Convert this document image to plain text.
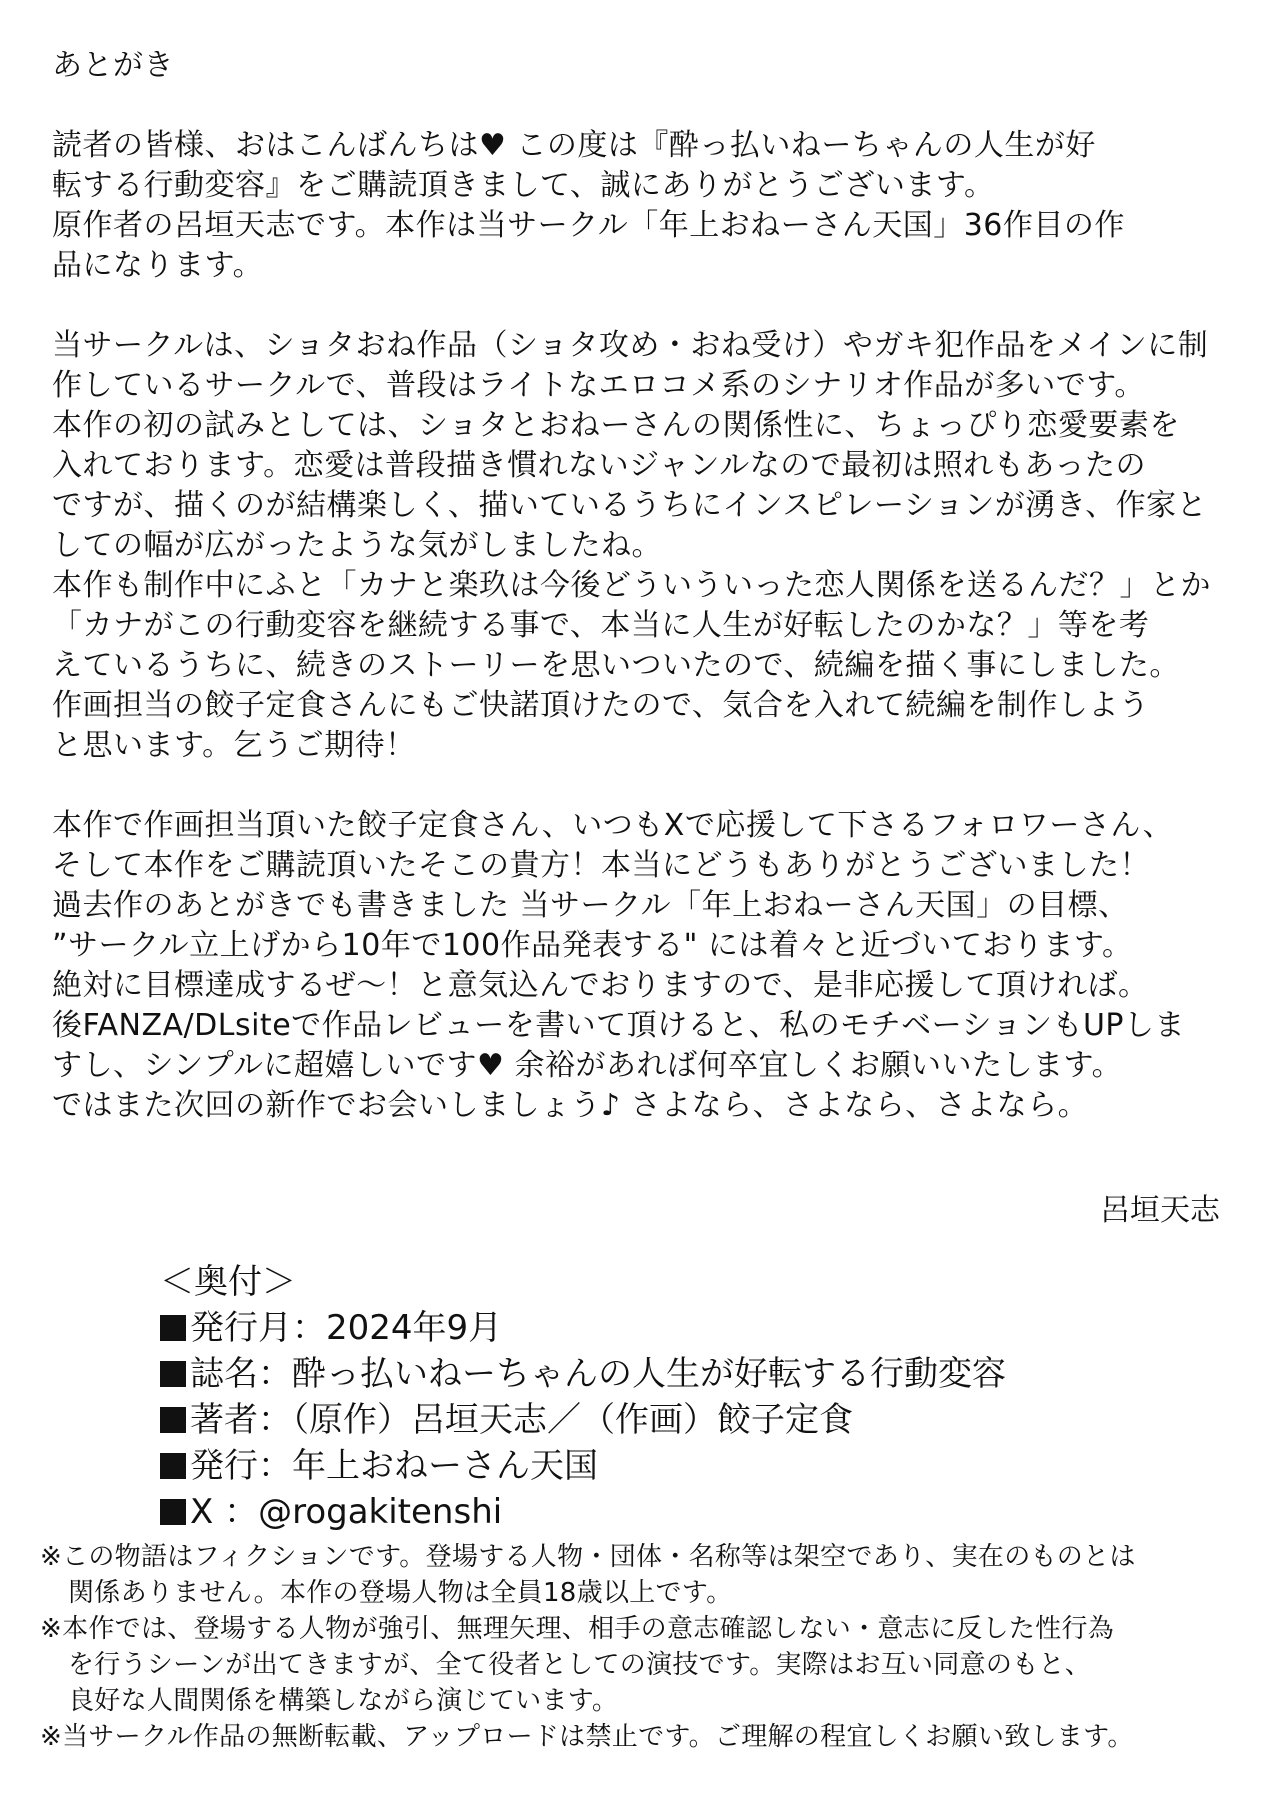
あとがき
読者の皆様、おはこんばんちは♥ この度は『酔っ払いねーちゃんの人生が好
転する行動変容』をご購読頂きまして、誠にありがとうございます。
原作者の呂垣天志です。本作は当サークル「年上おねーさん天国」36作目の作
品になります。
当サークルは、ショタおね作品（ショタ攻め・おね受け）やガキ犯作品をメインに制
作しているサークルで、普段はライトなエロコメ系のシナリオ作品が多いです。
本作の初の試みとしては、ショタとおねーさんの関係性に、ちょっぴり恋愛要素を
入れております。恋愛は普段描き慣れないジャンルなので最初は照れもあったの
ですが、描くのが結構楽しく、描いているうちにインスピレーションが湧き、作家と
しての幅が広がったような気がしましたね。
本作も制作中にふと「カナと楽玖は今後どういういった恋人関係を送るんだ？」とか
「カナがこの行動変容を継続する事で、本当に人生が好転したのかな？」等を考
えているうちに、続きのストーリーを思いついたので、続編を描く事にしました。
作画担当の餃子定食さんにもご快諾頂けたので、気合を入れて続編を制作しよう
と思います。乞うご期待！
本作で作画担当頂いた餃子定食さん、いつもXで応援して下さるフォロワーさん、
そして本作をご購読頂いたそこの貴方！本当にどうもありがとうございました！
過去作のあとがきでも書きました 当サークル「年上おねーさん天国」の目標、
”サークル立上げから10年で100作品発表する" には着々と近づいております。
絶対に目標達成するぜ〜！と意気込んでおりますので、是非応援して頂ければ。
後FANZA/DLsiteで作品レビューを書いて頂けると、私のモチベーションもUPしま
すし、シンプルに超嬉しいです♥ 余裕があれば何卒宜しくお願いいたします。
ではまた次回の新作でお会いしましょう♪ さよなら、さよなら、さよなら。
呂垣天志
＜奥付＞
発行月：2024年9月
誌名：酔っ払いねーちゃんの人生が好転する行動変容
著者：（原作）呂垣天志／（作画）餃子定食
発行：年上おねーさん天国
X ：@rogakitenshi
※この物語はフィクションです。登場する人物・団体・名称等は架空であり、実在のものとは
関係ありません。本作の登場人物は全員18歳以上です。
※本作では、登場する人物が強引、無理矢理、相手の意志確認しない・意志に反した性行為
を行うシーンが出てきますが、全て役者としての演技です。実際はお互い同意のもと、
良好な人間関係を構築しながら演じています。
※当サークル作品の無断転載、アップロードは禁止です。ご理解の程宜しくお願い致します。
